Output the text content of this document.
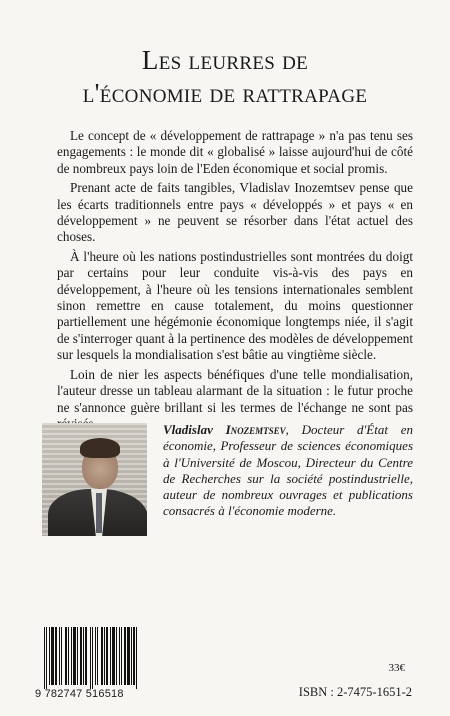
Les leurres de
l'économie de rattrapage

Le concept de « développement de rattrapage » n'a pas tenu ses engagements : le monde dit « globalisé » laisse aujourd'hui de côté de nombreux pays loin de l'Eden économique et social promis.

Prenant acte de faits tangibles, Vladislav Inozemtsev pense que les écarts traditionnels entre pays « développés » et pays « en développement » ne peuvent se résorber dans l'état actuel des choses.

À l'heure où les nations postindustrielles sont montrées du doigt par certains pour leur conduite vis-à-vis des pays en développement, à l'heure où les tensions internationales semblent sinon remettre en cause totalement, du moins questionner partiellement une hégémonie économique longtemps niée, il s'agit de s'interroger quant à la pertinence des modèles de développement sur lesquels la mondialisation s'est bâtie au vingtième siècle.

Loin de nier les aspects bénéfiques d'une telle mondialisation, l'auteur dresse un tableau alarmant de la situation : le futur proche ne s'annonce guère brillant si les termes de l'échange ne sont pas

Vladislav Inozemtsev, Docteur d'État en économie, Professeur de sciences économiques à l'Université de Moscou, Directeur du Centre de Recherches sur la société postindustrielle, auteur de nombreux ouvrages et publications consacrés à l'économie moderne.
9 782747 516518
33€
ISBN : 2-7475-1651-2
